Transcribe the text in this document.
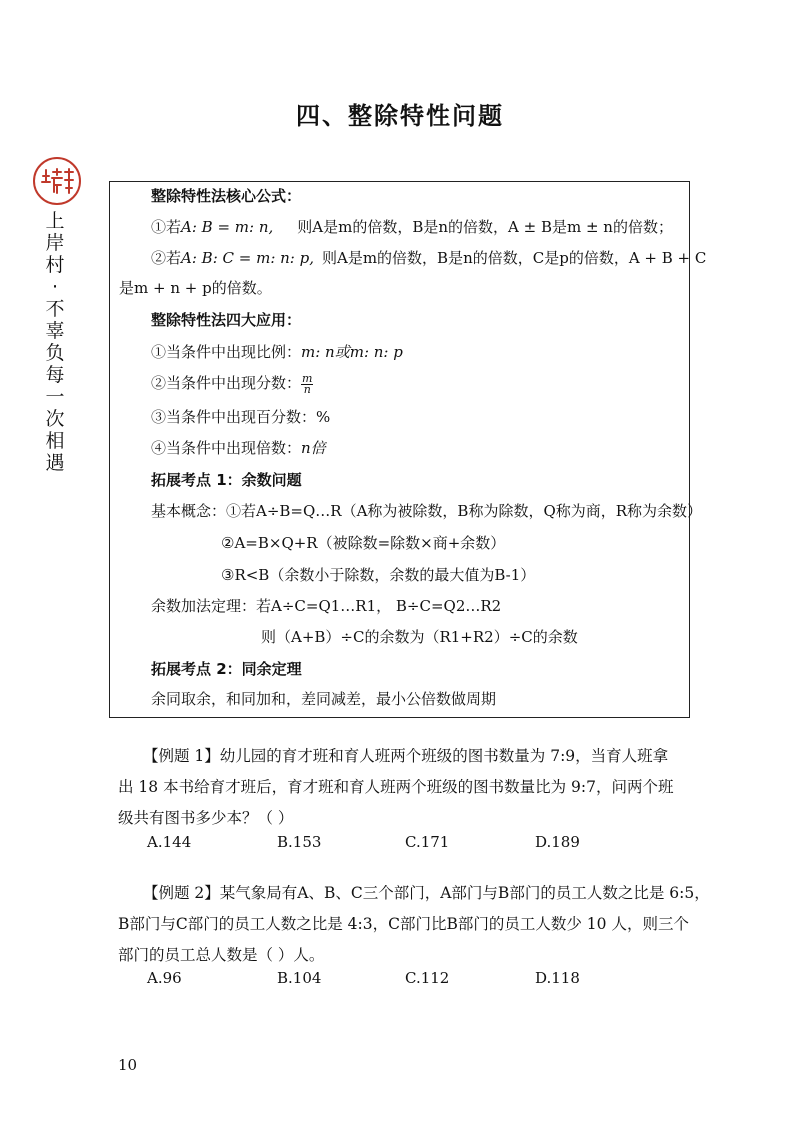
四、整除特性问题
上
岸
村
·
不
辜
负
每
一
次
相
遇
整除特性法核心公式：
①若A: B = m: n, 则A是m的倍数，B是n的倍数，A ± B是m ± n的倍数；
②若A: B: C = m: n: p, 则A是m的倍数，B是n的倍数，C是p的倍数，A + B + C
是m + n + p的倍数。
整除特性法四大应用：
①当条件中出现比例：m: n或m: n: p
②当条件中出现分数： $\frac{m}{n}$
③当条件中出现百分数：%
④当条件中出现倍数：n倍
拓展考点 1：余数问题
基本概念：①若A÷B=Q…R（A称为被除数，B称为除数，Q称为商，R称为余数）
②A=B×Q+R（被除数=除数×商+余数）
③R<B（余数小于除数，余数的最大值为B-1）
余数加法定理：若A÷C=Q1…R1， B÷C=Q2…R2
则（A+B）÷C的余数为（R1+R2）÷C的余数
拓展考点 2：同余定理
余同取余，和同加和，差同减差，最小公倍数做周期
【例题 1】幼儿园的育才班和育人班两个班级的图书数量为 7:9，当育人班拿
出 18 本书给育才班后，育才班和育人班两个班级的图书数量比为 9:7，问两个班
级共有图书多少本？（ ）
A.144	B.153	C.171	D.189
【例题 2】某气象局有A、B、C三个部门，A部门与B部门的员工人数之比是 6:5，
B部门与C部门的员工人数之比是 4:3，C部门比B部门的员工人数少 10 人，则三个
部门的员工总人数是（ ）人。
A.96	B.104	C.112	D.118
10
